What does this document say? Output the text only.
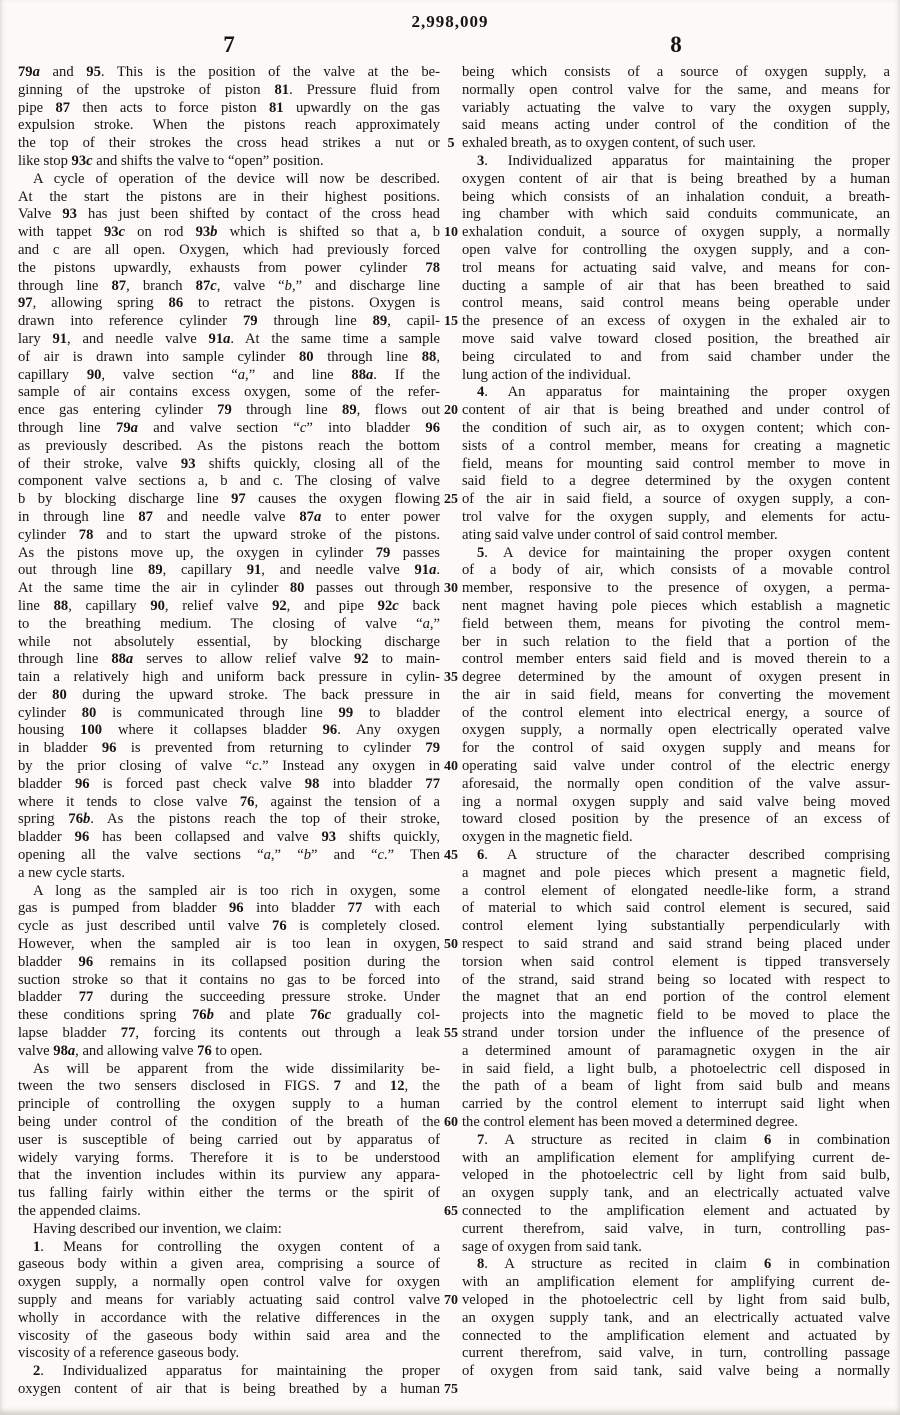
2,998,009
7	8
79a and 95. This is the position of the valve at the be-
ginning of the upstroke of piston 81. Pressure fluid from
pipe 87 then acts to force piston 81 upwardly on the gas
expulsion stroke. When the pistons reach approximately
the top of their strokes the cross head strikes a nut or
like stop 93c and shifts the valve to “open” position.
A cycle of operation of the device will now be described.
At the start the pistons are in their highest positions.
Valve 93 has just been shifted by contact of the cross head
with tappet 93c on rod 93b which is shifted so that a, b
and c are all open. Oxygen, which had previously forced
the pistons upwardly, exhausts from power cylinder 78
through line 87, branch 87c, valve “b,” and discharge line
97, allowing spring 86 to retract the pistons. Oxygen is
drawn into reference cylinder 79 through line 89, capil-
lary 91, and needle valve 91a. At the same time a sample
of air is drawn into sample cylinder 80 through line 88,
capillary 90, valve section “a,” and line 88a. If the
sample of air contains excess oxygen, some of the refer-
ence gas entering cylinder 79 through line 89, flows out
through line 79a and valve section “c” into bladder 96
as previously described. As the pistons reach the bottom
of their stroke, valve 93 shifts quickly, closing all of the
component valve sections a, b and c. The closing of valve
b by blocking discharge line 97 causes the oxygen flowing
in through line 87 and needle valve 87a to enter power
cylinder 78 and to start the upward stroke of the pistons.
As the pistons move up, the oxygen in cylinder 79 passes
out through line 89, capillary 91, and needle valve 91a.
At the same time the air in cylinder 80 passes out through
line 88, capillary 90, relief valve 92, and pipe 92c back
to the breathing medium. The closing of valve “a,”
while not absolutely essential, by blocking discharge
through line 88a serves to allow relief valve 92 to main-
tain a relatively high and uniform back pressure in cylin-
der 80 during the upward stroke. The back pressure in
cylinder 80 is communicated through line 99 to bladder
housing 100 where it collapses bladder 96. Any oxygen
in bladder 96 is prevented from returning to cylinder 79
by the prior closing of valve “c.” Instead any oxygen in
bladder 96 is forced past check valve 98 into bladder 77
where it tends to close valve 76, against the tension of a
spring 76b. As the pistons reach the top of their stroke,
bladder 96 has been collapsed and valve 93 shifts quickly,
opening all the valve sections “a,” “b” and “c.” Then
a new cycle starts.
A long as the sampled air is too rich in oxygen, some
gas is pumped from bladder 96 into bladder 77 with each
cycle as just described until valve 76 is completely closed.
However, when the sampled air is too lean in oxygen,
bladder 96 remains in its collapsed position during the
suction stroke so that it contains no gas to be forced into
bladder 77 during the succeeding pressure stroke. Under
these conditions spring 76b and plate 76c gradually col-
lapse bladder 77, forcing its contents out through a leak
valve 98a, and allowing valve 76 to open.
As will be apparent from the wide dissimilarity be-
tween the two sensers disclosed in FIGS. 7 and 12, the
principle of controlling the oxygen supply to a human
being under control of the condition of the breath of the
user is susceptible of being carried out by apparatus of
widely varying forms. Therefore it is to be understood
that the invention includes within its purview any appara-
tus falling fairly within either the terms or the spirit of
the appended claims.
Having described our invention, we claim:
1. Means for controlling the oxygen content of a
gaseous body within a given area, comprising a source of
oxygen supply, a normally open control valve for oxygen
supply and means for variably actuating said control valve
wholly in accordance with the relative differences in the
viscosity of the gaseous body within said area and the
viscosity of a reference gaseous body.
2. Individualized apparatus for maintaining the proper
oxygen content of air that is being breathed by a human
5
10
15
20
25
30
35
40
45
50
55
60
65
70
75
being which consists of a source of oxygen supply, a
normally open control valve for the same, and means for
variably actuating the valve to vary the oxygen supply,
said means acting under control of the condition of the
exhaled breath, as to oxygen content, of such user.
3. Individualized apparatus for maintaining the proper
oxygen content of air that is being breathed by a human
being which consists of an inhalation conduit, a breath-
ing chamber with which said conduits communicate, an
exhalation conduit, a source of oxygen supply, a normally
open valve for controlling the oxygen supply, and a con-
trol means for actuating said valve, and means for con-
ducting a sample of air that has been breathed to said
control means, said control means being operable under
the presence of an excess of oxygen in the exhaled air to
move said valve toward closed position, the breathed air
being circulated to and from said chamber under the
lung action of the individual.
4. An apparatus for maintaining the proper oxygen
content of air that is being breathed and under control of
the condition of such air, as to oxygen content; which con-
sists of a control member, means for creating a magnetic
field, means for mounting said control member to move in
said field to a degree determined by the oxygen content
of the air in said field, a source of oxygen supply, a con-
trol valve for the oxygen supply, and elements for actu-
ating said valve under control of said control member.
5. A device for maintaining the proper oxygen content
of a body of air, which consists of a movable control
member, responsive to the presence of oxygen, a perma-
nent magnet having pole pieces which establish a magnetic
field between them, means for pivoting the control mem-
ber in such relation to the field that a portion of the
control member enters said field and is moved therein to a
degree determined by the amount of oxygen present in
the air in said field, means for converting the movement
of the control element into electrical energy, a source of
oxygen supply, a normally open electrically operated valve
for the control of said oxygen supply and means for
operating said valve under control of the electric energy
aforesaid, the normally open condition of the valve assur-
ing a normal oxygen supply and said valve being moved
toward closed position by the presence of an excess of
oxygen in the magnetic field.
6. A structure of the character described comprising
a magnet and pole pieces which present a magnetic field,
a control element of elongated needle-like form, a strand
of material to which said control element is secured, said
control element lying substantially perpendicularly with
respect to said strand and said strand being placed under
torsion when said control element is tipped transversely
of the strand, said strand being so located with respect to
the magnet that an end portion of the control element
projects into the magnetic field to be moved to place the
strand under torsion under the influence of the presence of
a determined amount of paramagnetic oxygen in the air
in said field, a light bulb, a photoelectric cell disposed in
the path of a beam of light from said bulb and means
carried by the control element to interrupt said light when
the control element has been moved a determined degree.
7. A structure as recited in claim 6 in combination
with an amplification element for amplifying current de-
veloped in the photoelectric cell by light from said bulb,
an oxygen supply tank, and an electrically actuated valve
connected to the amplification element and actuated by
current therefrom, said valve, in turn, controlling pas-
sage of oxygen from said tank.
8. A structure as recited in claim 6 in combination
with an amplification element for amplifying current de-
veloped in the photoelectric cell by light from said bulb,
an oxygen supply tank, and an electrically actuated valve
connected to the amplification element and actuated by
current therefrom, said valve, in turn, controlling passage
of oxygen from said tank, said valve being a normally
